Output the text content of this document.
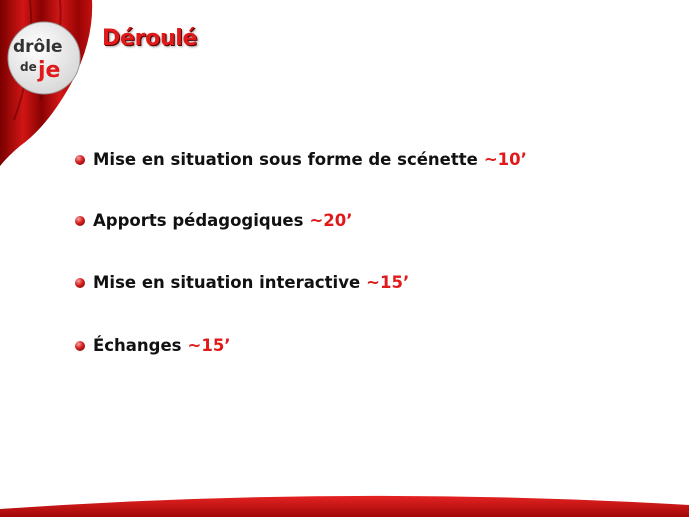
drôle
de je
Déroulé
Mise en situation sous forme de scénette ~10’
Apports pédagogiques ~20’
Mise en situation interactive ~15’
Échanges ~15’
